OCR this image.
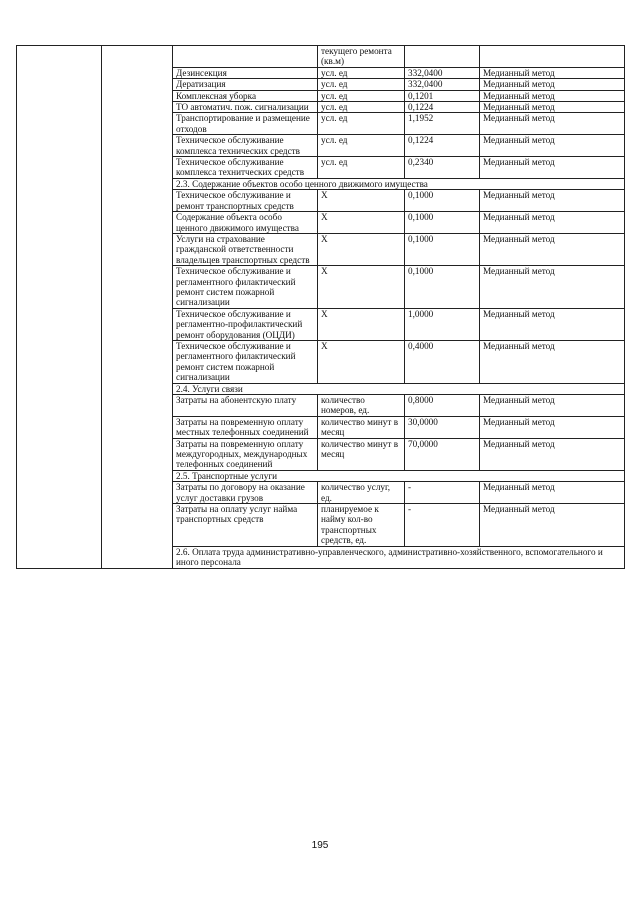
			текущего ремонта (кв.м)		
		Дезинсекция	усл. ед	332,0400	Медианный метод
		Дератизация	усл. ед	332,0400	Медианный метод
		Комплексная уборка	усл. ед	0,1201	Медианный метод
		ТО автоматич. пож. сигнализации	усл. ед	0,1224	Медианный метод
		Транспортирование и размещение отходов	усл. ед	1,1952	Медианный метод
		Техническое обслуживание комплекса технических средств	усл. ед	0,1224	Медианный метод
		Техническое обслуживание комплекса технитческих средств	усл. ед	0,2340	Медианный метод
		2.3. Содержание объектов особо ценного движимого имущества			
		Техническое обслуживание и ремонт транспортных средств	Х	0,1000	Медианный метод
		Содержание объекта особо ценного движимого имущества	Х	0,1000	Медианный метод
		Услуги на страхование гражданской ответственности владельцев транспортных средств	Х	0,1000	Медианный метод
		Техническое обслуживание и регламентного филактический ремонт систем пожарной сигнализации	Х	0,1000	Медианный метод
		Техническое обслуживание и регламентно-профилактический ремонт оборудования (ОЦДИ)	Х	1,0000	Медианный метод
		Техническое обслуживание и регламентного филактический ремонт систем пожарной сигнализации	Х	0,4000	Медианный метод
		2.4. Услуги связи			
		Затраты на абонентскую плату	количество номеров, ед.	0,8000	Медианный метод
		Затраты на повременную оплату местных телефонных соединений	количество минут в месяц	30,0000	Медианный метод
		Затраты на повременную оплату междугородных, международных телефонных соединений	количество минут в месяц	70,0000	Медианный метод
		2.5. Транспортные услуги			
		Затраты по договору на оказание услуг доставки грузов	количество услуг, ед.	-	Медианный метод
		Затраты на оплату услуг найма транспортных средств	планируемое к найму кол-во транспортных средств, ед.	-	Медианный метод
		2.6. Оплата труда административно-управленческого, административно-хозяйственного, вспомогательного и иного персонала			
195
